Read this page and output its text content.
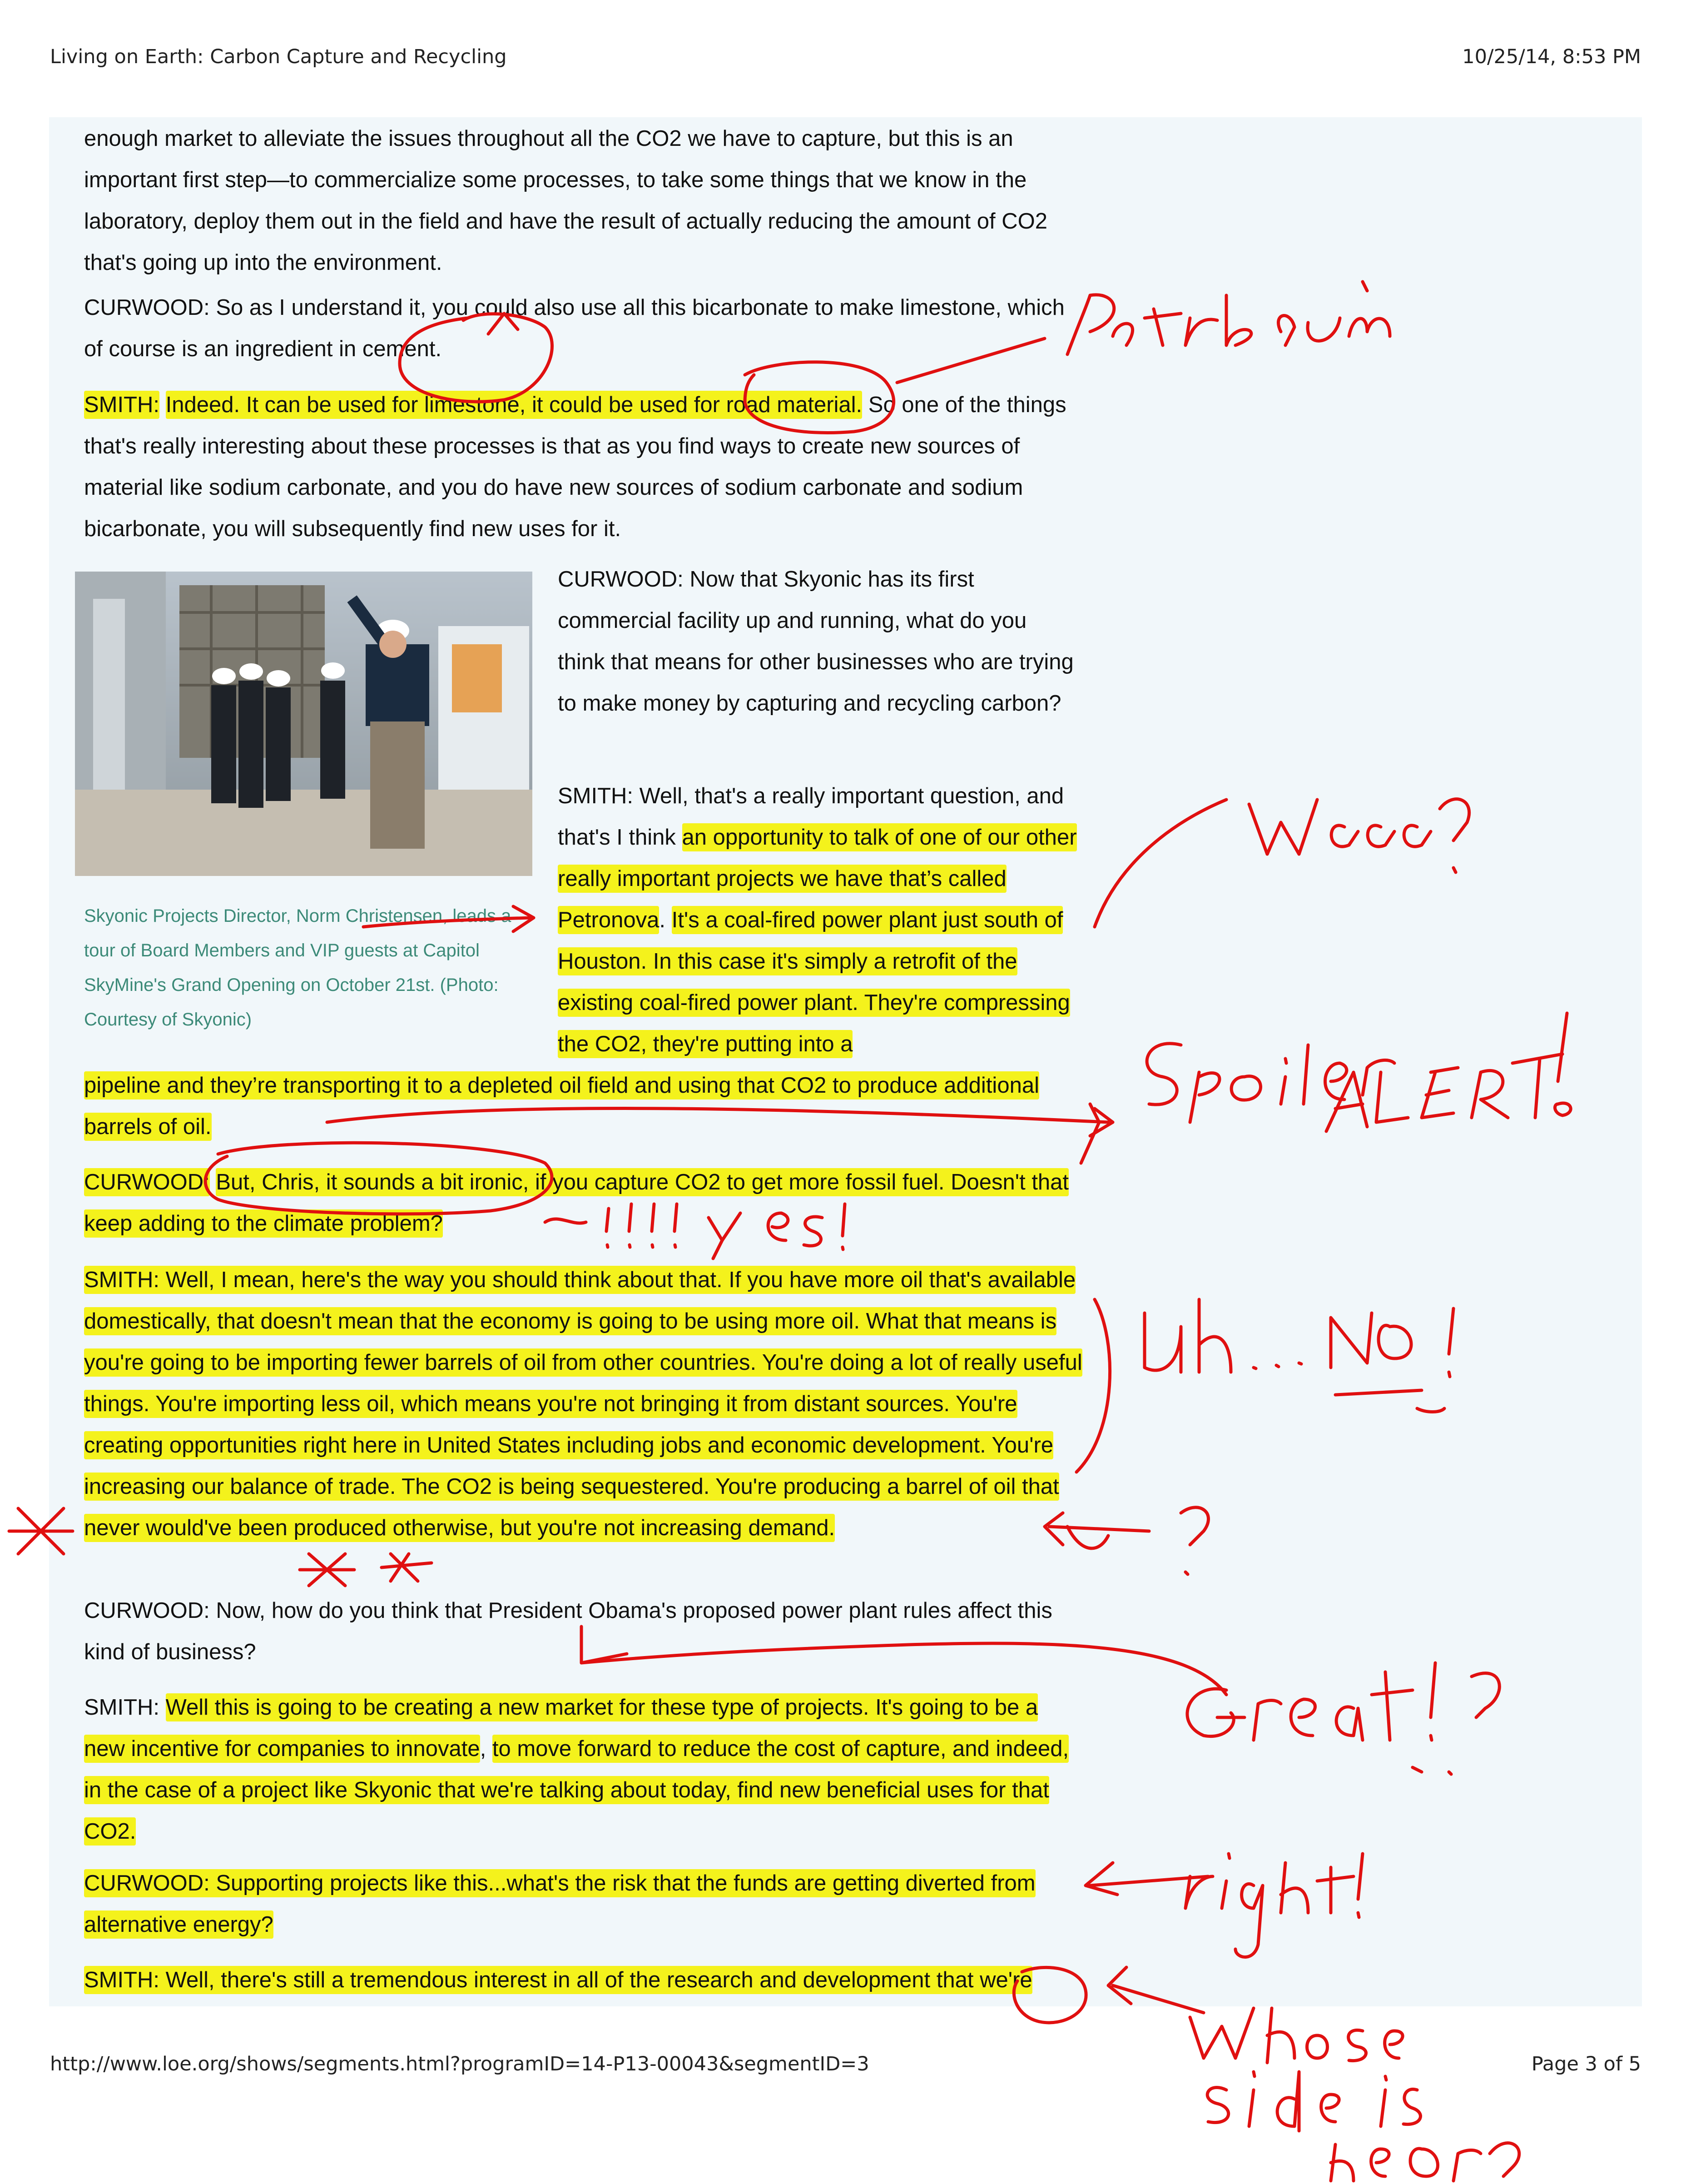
Living on Earth: Carbon Capture and Recycling	10/25/14, 8:53 PM

enough market to alleviate the issues throughout all the CO2 we have to capture, but this is an important first step—to commercialize some processes, to take some things that we know in the laboratory, deploy them out in the field and have the result of actually reducing the amount of CO2 that's going up into the environment.

CURWOOD: So as I understand it, you could also use all this bicarbonate to make limestone, which of course is an ingredient in cement.

SMITH: Indeed. It can be used for limestone, it could be used for road material. So one of the things that's really interesting about these processes is that as you find ways to create new sources of material like sodium carbonate, and you do have new sources of sodium carbonate and sodium bicarbonate, you will subsequently find new uses for it.

Skyonic Projects Director, Norm Christensen, leads a tour of Board Members and VIP guests at Capitol SkyMine's Grand Opening on October 21st. (Photo: Courtesy of Skyonic)

CURWOOD: Now that Skyonic has its first commercial facility up and running, what do you think that means for other businesses who are trying to make money by capturing and recycling carbon?

SMITH: Well, that's a really important question, and that's I think an opportunity to talk of one of our other really important projects we have that’s called Petronova. It's a coal-fired power plant just south of Houston. In this case it's simply a retrofit of the existing coal-fired power plant. They're compressing the CO2, they're putting into a

pipeline and they’re transporting it to a depleted oil field and using that CO2 to produce additional barrels of oil.

CURWOOD: But, Chris, it sounds a bit ironic, if you capture CO2 to get more fossil fuel. Doesn't that keep adding to the climate problem?

SMITH: Well, I mean, here's the way you should think about that. If you have more oil that's available domestically, that doesn't mean that the economy is going to be using more oil. What that means is you're going to be importing fewer barrels of oil from other countries. You're doing a lot of really useful things. You're importing less oil, which means you're not bringing it from distant sources. You're creating opportunities right here in United States including jobs and economic development. You're increasing our balance of trade. The CO2 is being sequestered. You're producing a barrel of oil that never would've been produced otherwise, but you're not increasing demand.

CURWOOD: Now, how do you think that President Obama's proposed power plant rules affect this kind of business?

SMITH: Well this is going to be creating a new market for these type of projects. It's going to be a new incentive for companies to innovate, to move forward to reduce the cost of capture, and indeed, in the case of a project like Skyonic that we're talking about today, find new beneficial uses for that CO2.

CURWOOD: Supporting projects like this...what's the risk that the funds are getting diverted from alternative energy?

SMITH: Well, there's still a tremendous interest in all of the research and development that we're

http://www.loe.org/shows/segments.html?programID=14-P13-00043&segmentID=3	Page 3 of 5
